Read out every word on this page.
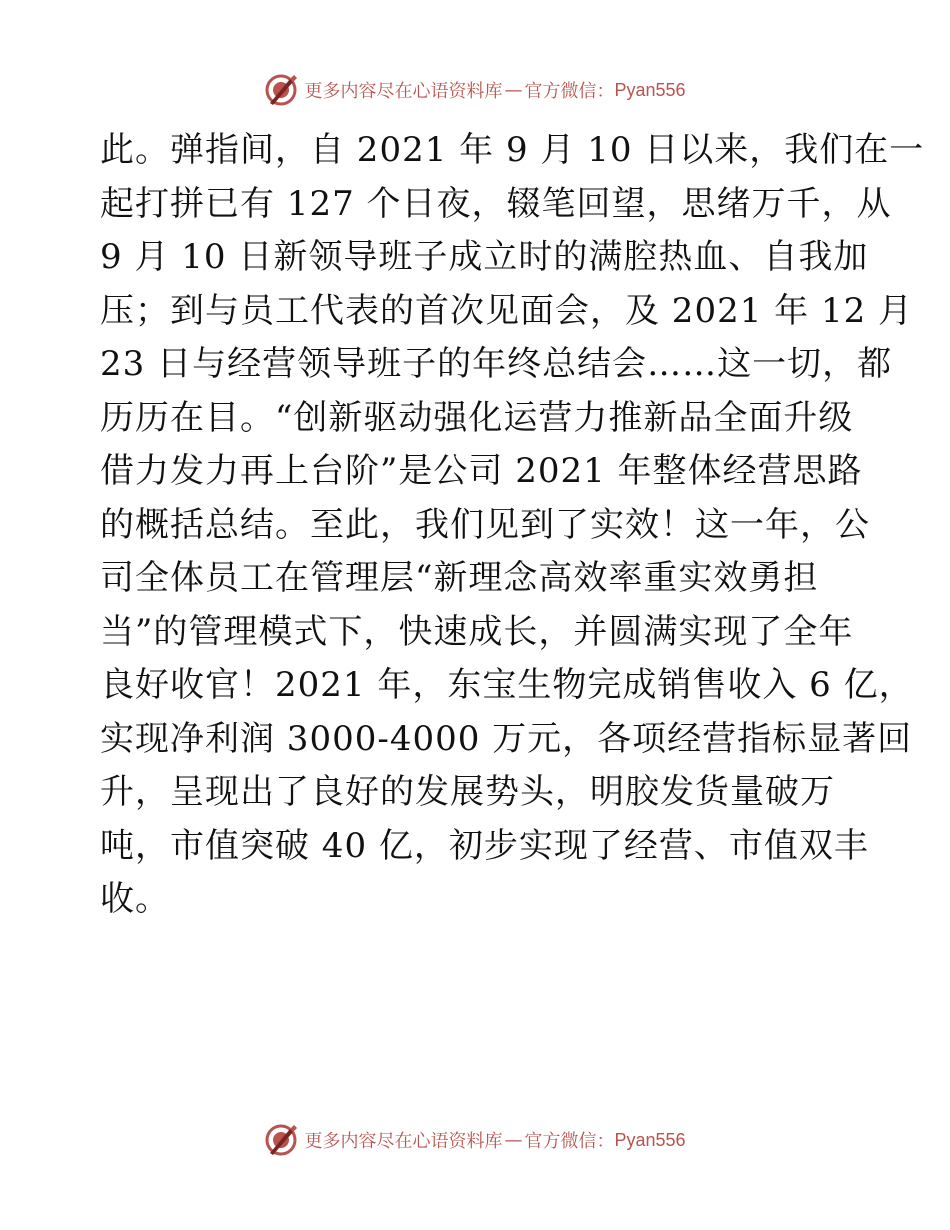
更多内容尽在心语资料库 — 官方微信： Pyan556
此。弹指间，自 2021 年 9 月 10 日以来，我们在一
起打拼已有 127 个日夜，辍笔回望，思绪万千，从
9 月 10 日新领导班子成立时的满腔热血、自我加
压；到与员工代表的首次见面会，及 2021 年 12 月
23 日与经营领导班子的年终总结会……这一切，都
历历在目。“创新驱动强化运营力推新品全面升级
借力发力再上台阶”是公司 2021 年整体经营思路
的概括总结。至此，我们见到了实效！这一年，公
司全体员工在管理层“新理念高效率重实效勇担
当”的管理模式下，快速成长，并圆满实现了全年
良好收官！2021 年，东宝生物完成销售收入 6 亿，
实现净利润 3000-4000 万元，各项经营指标显著回
升，呈现出了良好的发展势头，明胶发货量破万
吨，市值突破 40 亿，初步实现了经营、市值双丰
收。
更多内容尽在心语资料库 — 官方微信： Pyan556
